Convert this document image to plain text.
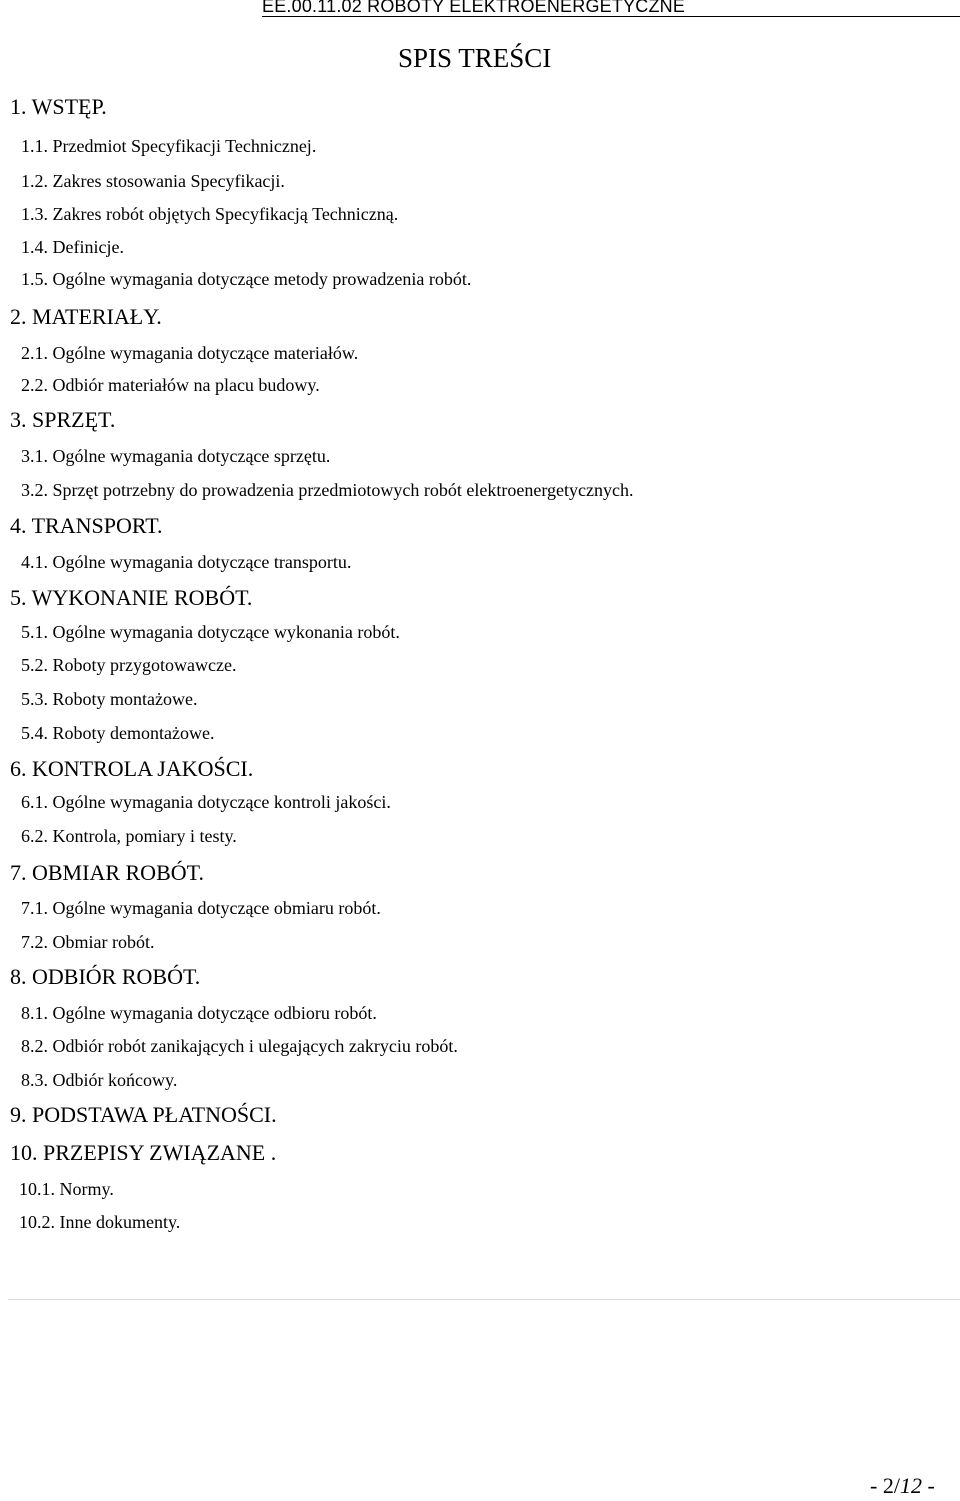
EE.00.11.02 ROBOTY ELEKTROENERGETYCZNE
SPIS TREŚCI
1. WSTĘP.
1.1. Przedmiot Specyfikacji Technicznej.
1.2. Zakres stosowania Specyfikacji.
1.3. Zakres robót objętych Specyfikacją Techniczną.
1.4. Definicje.
1.5. Ogólne wymagania dotyczące metody prowadzenia robót.
2. MATERIAŁY.
2.1. Ogólne wymagania dotyczące materiałów.
2.2. Odbiór materiałów na placu budowy.
3. SPRZĘT.
3.1. Ogólne wymagania dotyczące sprzętu.
3.2. Sprzęt potrzebny do prowadzenia przedmiotowych robót elektroenergetycznych.
4. TRANSPORT.
4.1. Ogólne wymagania dotyczące transportu.
5. WYKONANIE ROBÓT.
5.1. Ogólne wymagania dotyczące wykonania robót.
5.2. Roboty przygotowawcze.
5.3. Roboty montażowe.
5.4. Roboty demontażowe.
6. KONTROLA JAKOŚCI.
6.1. Ogólne wymagania dotyczące kontroli jakości.
6.2. Kontrola, pomiary i testy.
7. OBMIAR ROBÓT.
7.1. Ogólne wymagania dotyczące obmiaru robót.
7.2. Obmiar robót.
8. ODBIÓR ROBÓT.
8.1. Ogólne wymagania dotyczące odbioru robót.
8.2. Odbiór robót zanikających i ulegających zakryciu robót.
8.3. Odbiór końcowy.
9. PODSTAWA PŁATNOŚCI.
10. PRZEPISY ZWIĄZANE .
10.1. Normy.
10.2. Inne dokumenty.
- 2/12 -
